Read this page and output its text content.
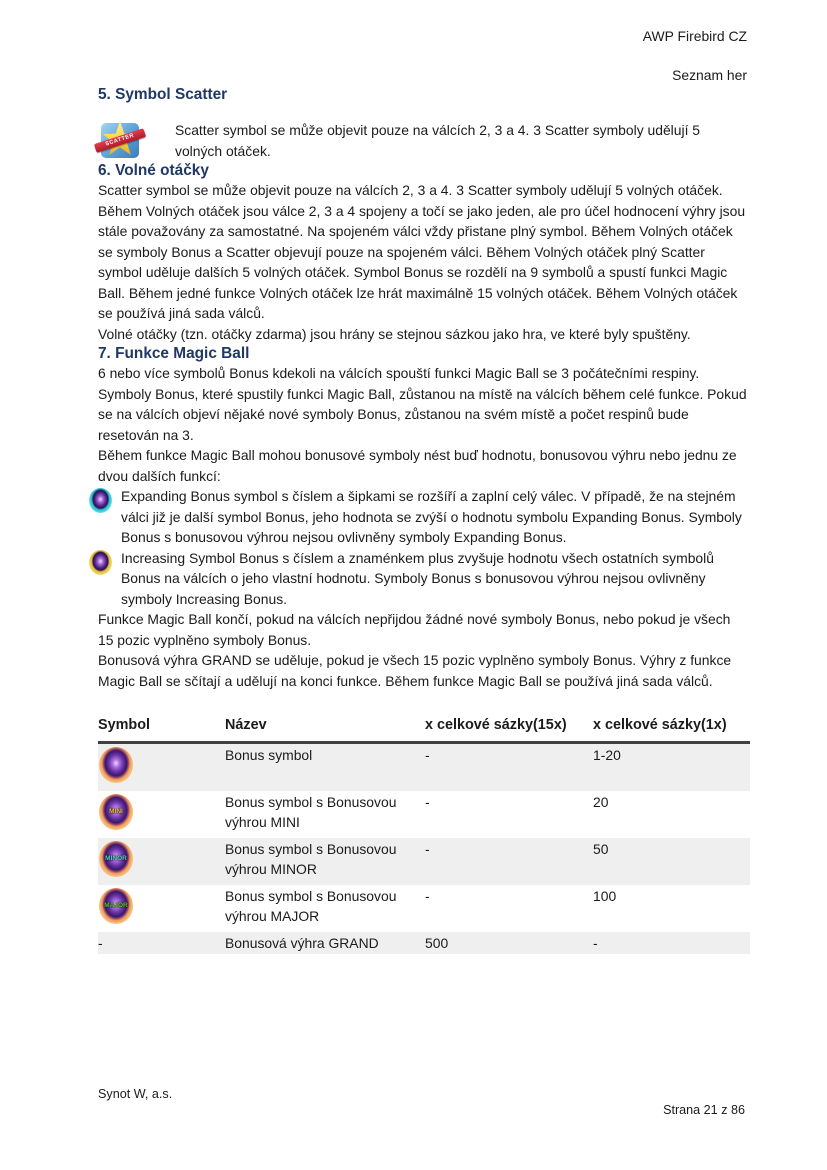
AWP Firebird CZ

Seznam her

5. Symbol Scatter
SCATTER

Scatter symbol se může objevit pouze na válcích 2, 3 a 4. 3 Scatter symboly udělují 5 volných otáček.

6. Volné otáčky

Scatter symbol se může objevit pouze na válcích 2, 3 a 4. 3 Scatter symboly udělují 5 volných otáček. Během Volných otáček jsou válce 2, 3 a 4 spojeny a točí se jako jeden, ale pro účel hodnocení výhry jsou stále považovány za samostatné. Na spojeném válci vždy přistane plný symbol. Během Volných otáček se symboly Bonus a Scatter objevují pouze na spojeném válci. Během Volných otáček plný Scatter symbol uděluje dalších 5 volných otáček. Symbol Bonus se rozdělí na 9 symbolů a spustí funkci Magic Ball. Během jedné funkce Volných otáček lze hrát maximálně 15 volných otáček. Během Volných otáček se používá jiná sada válců.

Volné otáčky (tzn. otáčky zdarma) jsou hrány se stejnou sázkou jako hra, ve které byly spuštěny.

7. Funkce Magic Ball

6 nebo více symbolů Bonus kdekoli na válcích spouští funkci Magic Ball se 3 počátečními respiny. Symboly Bonus, které spustily funkci Magic Ball, zůstanou na místě na válcích během celé funkce. Pokud se na válcích objeví nějaké nové symboly Bonus, zůstanou na svém místě a počet respinů bude resetován na 3.

Během funkce Magic Ball mohou bonusové symboly nést buď hodnotu, bonusovou výhru nebo jednu ze dvou dalších funkcí:

Expanding Bonus symbol s číslem a šipkami se rozšíří a zaplní celý válec. V případě, že na stejném válci již je další symbol Bonus, jeho hodnota se zvýší o hodnotu symbolu Expanding Bonus. Symboly Bonus s bonusovou výhrou nejsou ovlivněny symboly Expanding Bonus.

Increasing Symbol Bonus s číslem a znaménkem plus zvyšuje hodnotu všech ostatních symbolů Bonus na válcích o jeho vlastní hodnotu. Symboly Bonus s bonusovou výhrou nejsou ovlivněny symboly Increasing Bonus.

Funkce Magic Ball končí, pokud na válcích nepřijdou žádné nové symboly Bonus, nebo pokud je všech 15 pozic vyplněno symboly Bonus.

Bonusová výhra GRAND se uděluje, pokud je všech 15 pozic vyplněno symboly Bonus. Výhry z funkce Magic Ball se sčítají a udělují na konci funkce. Během funkce Magic Ball se používá jiná sada válců.

Symbol	Název	x celkové sázky(15x)	x celkové sázky(1x)
	Bonus symbol	-	1-20

MINI	Bonus symbol s Bonusovou výhrou MINI	-	20

MINOR	Bonus symbol s Bonusovou výhrou MINOR	-	50

MAJOR	Bonus symbol s Bonusovou výhrou MAJOR	-	100
-	Bonusová výhra GRAND	500	-
Synot W, a.s.
Strana 21 z 86
